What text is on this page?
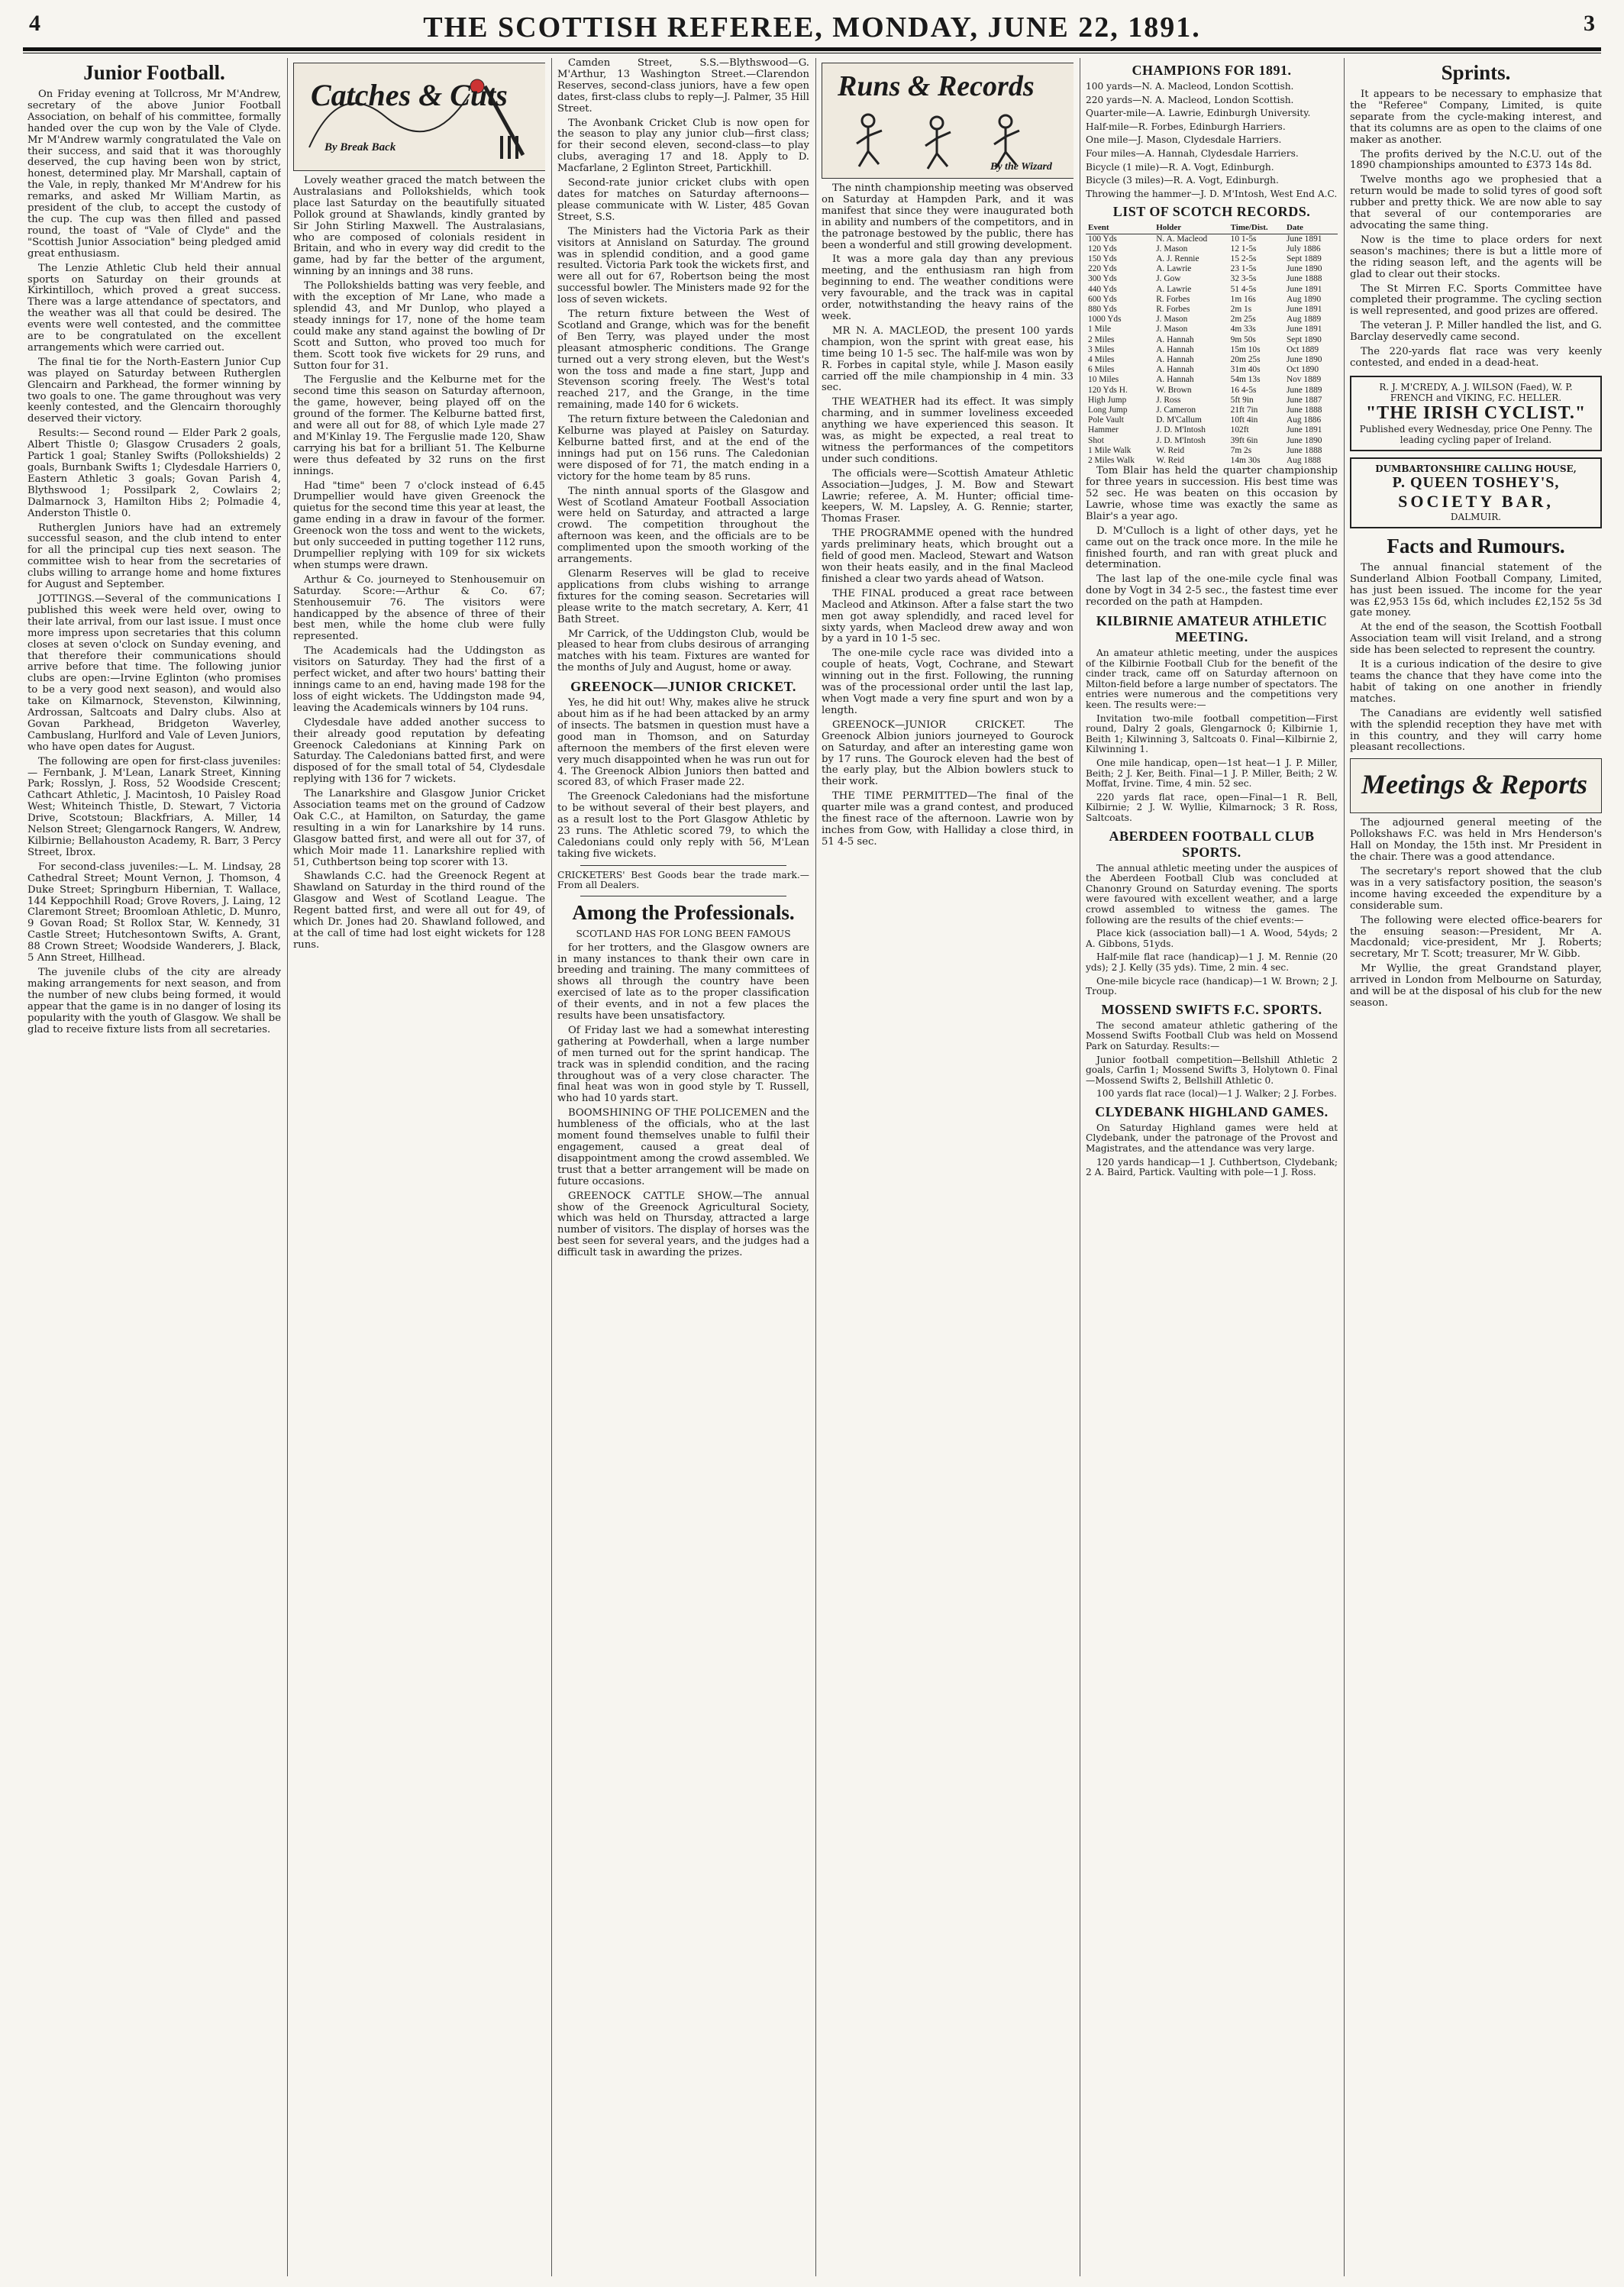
4	THE SCOTTISH REFEREE, MONDAY, JUNE 22, 1891.	3
Junior Football.

On Friday evening at Tollcross, Mr M'Andrew, secretary of the above Junior Football Association, on behalf of his committee, formally handed over the cup won by the Vale of Clyde. Mr M'Andrew warmly congratulated the Vale on their success, and said that it was thoroughly deserved, the cup having been won by strict, honest, determined play. Mr Marshall, captain of the Vale, in reply, thanked Mr M'Andrew for his remarks, and asked Mr William Martin, as president of the club, to accept the custody of the cup. The cup was then filled and passed round, the toast of "Vale of Clyde" and the "Scottish Junior Association" being pledged amid great enthusiasm.

The Lenzie Athletic Club held their annual sports on Saturday on their grounds at Kirkintilloch, which proved a great success. There was a large attendance of spectators, and the weather was all that could be desired. The events were well contested, and the committee are to be congratulated on the excellent arrangements which were carried out.

The final tie for the North-Eastern Junior Cup was played on Saturday between Rutherglen Glencairn and Parkhead, the former winning by two goals to one. The game throughout was very keenly contested, and the Glencairn thoroughly deserved their victory.

Results:— Second round — Elder Park 2 goals, Albert Thistle 0; Glasgow Crusaders 2 goals, Partick 1 goal; Stanley Swifts (Pollokshields) 2 goals, Burnbank Swifts 1; Clydesdale Harriers 0, Eastern Athletic 3 goals; Govan Parish 4, Blythswood 1; Possilpark 2, Cowlairs 2; Dalmarnock 3, Hamilton Hibs 2; Polmadie 4, Anderston Thistle 0.

Rutherglen Juniors have had an extremely successful season, and the club intend to enter for all the principal cup ties next season. The committee wish to hear from the secretaries of clubs willing to arrange home and home fixtures for August and September.

JOTTINGS.—Several of the communications I published this week were held over, owing to their late arrival, from our last issue. I must once more impress upon secretaries that this column closes at seven o'clock on Sunday evening, and that therefore their communications should arrive before that time. The following junior clubs are open:—Irvine Eglinton (who promises to be a very good next season), and would also take on Kilmarnock, Stevenston, Kilwinning, Ardrossan, Saltcoats and Dalry clubs. Also at Govan Parkhead, Bridgeton Waverley, Cambuslang, Hurlford and Vale of Leven Juniors, who have open dates for August.

The following are open for first-class juveniles:— Fernbank, J. M'Lean, Lanark Street, Kinning Park; Rosslyn, J. Ross, 52 Woodside Crescent; Cathcart Athletic, J. Macintosh, 10 Paisley Road West; Whiteinch Thistle, D. Stewart, 7 Victoria Drive, Scotstoun; Blackfriars, A. Miller, 14 Nelson Street; Glengarnock Rangers, W. Andrew, Kilbirnie; Bellahouston Academy, R. Barr, 3 Percy Street, Ibrox.

For second-class juveniles:—L. M. Lindsay, 28 Cathedral Street; Mount Vernon, J. Thomson, 4 Duke Street; Springburn Hibernian, T. Wallace, 144 Keppochhill Road; Grove Rovers, J. Laing, 12 Claremont Street; Broomloan Athletic, D. Munro, 9 Govan Road; St Rollox Star, W. Kennedy, 31 Castle Street; Hutchesontown Swifts, A. Grant, 88 Crown Street; Woodside Wanderers, J. Black, 5 Ann Street, Hillhead.

The juvenile clubs of the city are already making arrangements for next season, and from the number of new clubs being formed, it would appear that the game is in no danger of losing its popularity with the youth of Glasgow. We shall be glad to receive fixture lists from all secretaries.

Catches & Cuts
By Break Back

Lovely weather graced the match between the Australasians and Pollokshields, which took place last Saturday on the beautifully situated Pollok ground at Shawlands, kindly granted by Sir John Stirling Maxwell. The Australasians, who are composed of colonials resident in Britain, and who in every way did credit to the game, had by far the better of the argument, winning by an innings and 38 runs.

The Pollokshields batting was very feeble, and with the exception of Mr Lane, who made a splendid 43, and Mr Dunlop, who played a steady innings for 17, none of the home team could make any stand against the bowling of Dr Scott and Sutton, who proved too much for them. Scott took five wickets for 29 runs, and Sutton four for 31.

The Ferguslie and the Kelburne met for the second time this season on Saturday afternoon, the game, however, being played off on the ground of the former. The Kelburne batted first, and were all out for 88, of which Lyle made 27 and M'Kinlay 19. The Ferguslie made 120, Shaw carrying his bat for a brilliant 51. The Kelburne were thus defeated by 32 runs on the first innings.

Had "time" been 7 o'clock instead of 6.45 Drumpellier would have given Greenock the quietus for the second time this year at least, the game ending in a draw in favour of the former. Greenock won the toss and went to the wickets, but only succeeded in putting together 112 runs, Drumpellier replying with 109 for six wickets when stumps were drawn.

Arthur & Co. journeyed to Stenhousemuir on Saturday. Score:—Arthur & Co. 67; Stenhousemuir 76. The visitors were handicapped by the absence of three of their best men, while the home club were fully represented.

The Academicals had the Uddingston as visitors on Saturday. They had the first of a perfect wicket, and after two hours' batting their innings came to an end, having made 198 for the loss of eight wickets. The Uddingston made 94, leaving the Academicals winners by 104 runs.

Clydesdale have added another success to their already good reputation by defeating Greenock Caledonians at Kinning Park on Saturday. The Caledonians batted first, and were disposed of for the small total of 54, Clydesdale replying with 136 for 7 wickets.

The Lanarkshire and Glasgow Junior Cricket Association teams met on the ground of Cadzow Oak C.C., at Hamilton, on Saturday, the game resulting in a win for Lanarkshire by 14 runs. Glasgow batted first, and were all out for 37, of which Moir made 11. Lanarkshire replied with 51, Cuthbertson being top scorer with 13.

Shawlands C.C. had the Greenock Regent at Shawland on Saturday in the third round of the Glasgow and West of Scotland League. The Regent batted first, and were all out for 49, of which Dr. Jones had 20. Shawland followed, and at the call of time had lost eight wickets for 128 runs.

Camden Street, S.S.—Blythswood—G. M'Arthur, 13 Washington Street.—Clarendon Reserves, second-class juniors, have a few open dates, first-class clubs to reply—J. Palmer, 35 Hill Street.

The Avonbank Cricket Club is now open for the season to play any junior club—first class; for their second eleven, second-class—to play clubs, averaging 17 and 18. Apply to D. Macfarlane, 2 Eglinton Street, Partickhill.

Second-rate junior cricket clubs with open dates for matches on Saturday afternoons—please communicate with W. Lister, 485 Govan Street, S.S.

The Ministers had the Victoria Park as their visitors at Annisland on Saturday. The ground was in splendid condition, and a good game resulted. Victoria Park took the wickets first, and were all out for 67, Robertson being the most successful bowler. The Ministers made 92 for the loss of seven wickets.

The return fixture between the West of Scotland and Grange, which was for the benefit of Ben Terry, was played under the most pleasant atmospheric conditions. The Grange turned out a very strong eleven, but the West's won the toss and made a fine start, Jupp and Stevenson scoring freely. The West's total reached 217, and the Grange, in the time remaining, made 140 for 6 wickets.

The return fixture between the Caledonian and Kelburne was played at Paisley on Saturday. Kelburne batted first, and at the end of the innings had put on 156 runs. The Caledonian were disposed of for 71, the match ending in a victory for the home team by 85 runs.

The ninth annual sports of the Glasgow and West of Scotland Amateur Football Association were held on Saturday, and attracted a large crowd. The competition throughout the afternoon was keen, and the officials are to be complimented upon the smooth working of the arrangements.

Glenarm Reserves will be glad to receive applications from clubs wishing to arrange fixtures for the coming season. Secretaries will please write to the match secretary, A. Kerr, 41 Bath Street.

Mr Carrick, of the Uddingston Club, would be pleased to hear from clubs desirous of arranging matches with his team. Fixtures are wanted for the months of July and August, home or away.

GREENOCK—JUNIOR CRICKET.

Yes, he did hit out! Why, makes alive he struck about him as if he had been attacked by an army of insects. The batsmen in question must have a good man in Thomson, and on Saturday afternoon the members of the first eleven were very much disappointed when he was run out for 4. The Greenock Albion Juniors then batted and scored 83, of which Fraser made 22.

The Greenock Caledonians had the misfortune to be without several of their best players, and as a result lost to the Port Glasgow Athletic by 23 runs. The Athletic scored 79, to which the Caledonians could only reply with 56, M'Lean taking five wickets.

CRICKETERS' Best Goods bear the trade mark.—From all Dealers.

Among the Professionals.

SCOTLAND HAS FOR LONG BEEN FAMOUS

for her trotters, and the Glasgow owners are in many instances to thank their own care in breeding and training. The many committees of shows all through the country have been exercised of late as to the proper classification of their events, and in not a few places the results have been unsatisfactory.

Of Friday last we had a somewhat interesting gathering at Powderhall, when a large number of men turned out for the sprint handicap. The track was in splendid condition, and the racing throughout was of a very close character. The final heat was won in good style by T. Russell, who had 10 yards start.

BOOMSHINING OF THE POLICEMEN and the humbleness of the officials, who at the last moment found themselves unable to fulfil their engagement, caused a great deal of disappointment among the crowd assembled. We trust that a better arrangement will be made on future occasions.

GREENOCK CATTLE SHOW.—The annual show of the Greenock Agricultural Society, which was held on Thursday, attracted a large number of visitors. The display of horses was the best seen for several years, and the judges had a difficult task in awarding the prizes.

Runs & Records
By the Wizard

The ninth championship meeting was observed on Saturday at Hampden Park, and it was manifest that since they were inaugurated both in ability and numbers of the competitors, and in the patronage bestowed by the public, there has been a wonderful and still growing development.

It was a more gala day than any previous meeting, and the enthusiasm ran high from beginning to end. The weather conditions were very favourable, and the track was in capital order, notwithstanding the heavy rains of the week.

MR N. A. MACLEOD, the present 100 yards champion, won the sprint with great ease, his time being 10 1-5 sec. The half-mile was won by R. Forbes in capital style, while J. Mason easily carried off the mile championship in 4 min. 33 sec.

THE WEATHER had its effect. It was simply charming, and in summer loveliness exceeded anything we have experienced this season. It was, as might be expected, a real treat to witness the performances of the competitors under such conditions.

The officials were—Scottish Amateur Athletic Association—Judges, J. M. Bow and Stewart Lawrie; referee, A. M. Hunter; official time-keepers, W. M. Lapsley, A. G. Rennie; starter, Thomas Fraser.

THE PROGRAMME opened with the hundred yards preliminary heats, which brought out a field of good men. Macleod, Stewart and Watson won their heats easily, and in the final Macleod finished a clear two yards ahead of Watson.

THE FINAL produced a great race between Macleod and Atkinson. After a false start the two men got away splendidly, and raced level for sixty yards, when Macleod drew away and won by a yard in 10 1-5 sec.

The one-mile cycle race was divided into a couple of heats, Vogt, Cochrane, and Stewart winning out in the first. Following, the running was of the processional order until the last lap, when Vogt made a very fine spurt and won by a length.

GREENOCK—JUNIOR CRICKET. The Greenock Albion juniors journeyed to Gourock on Saturday, and after an interesting game won by 17 runs. The Gourock eleven had the best of the early play, but the Albion bowlers stuck to their work.

THE TIME PERMITTED—The final of the quarter mile was a grand contest, and produced the finest race of the afternoon. Lawrie won by inches from Gow, with Halliday a close third, in 51 4-5 sec.

CHAMPIONS FOR 1891.

100 yards—N. A. Macleod, London Scottish.

220 yards—N. A. Macleod, London Scottish.

Quarter-mile—A. Lawrie, Edinburgh University.

Half-mile—R. Forbes, Edinburgh Harriers.

One mile—J. Mason, Clydesdale Harriers.

Four miles—A. Hannah, Clydesdale Harriers.

Bicycle (1 mile)—R. A. Vogt, Edinburgh.

Bicycle (3 miles)—R. A. Vogt, Edinburgh.

Throwing the hammer—J. D. M'Intosh, West End A.C.

LIST OF SCOTCH RECORDS.
Event	Holder	Time/Dist.	Date
100 Yds	N. A. Macleod	10 1-5s	June 1891
120 Yds	J. Mason	12 1-5s	July 1886
150 Yds	A. J. Rennie	15 2-5s	Sept 1889
220 Yds	A. Lawrie	23 1-5s	June 1890
300 Yds	J. Gow	32 3-5s	June 1888
440 Yds	A. Lawrie	51 4-5s	June 1891
600 Yds	R. Forbes	1m 16s	Aug 1890
880 Yds	R. Forbes	2m 1s	June 1891
1000 Yds	J. Mason	2m 25s	Aug 1889
1 Mile	J. Mason	4m 33s	June 1891
2 Miles	A. Hannah	9m 50s	Sept 1890
3 Miles	A. Hannah	15m 10s	Oct 1889
4 Miles	A. Hannah	20m 25s	June 1890
6 Miles	A. Hannah	31m 40s	Oct 1890
10 Miles	A. Hannah	54m 13s	Nov 1889
120 Yds H.	W. Brown	16 4-5s	June 1889
High Jump	J. Ross	5ft 9in	June 1887
Long Jump	J. Cameron	21ft 7in	June 1888
Pole Vault	D. M'Callum	10ft 4in	Aug 1886
Hammer	J. D. M'Intosh	102ft	June 1891
Shot	J. D. M'Intosh	39ft 6in	June 1890
1 Mile Walk	W. Reid	7m 2s	June 1888
2 Miles Walk	W. Reid	14m 30s	Aug 1888

Tom Blair has held the quarter championship for three years in succession. His best time was 52 sec. He was beaten on this occasion by Lawrie, whose time was exactly the same as Blair's a year ago.

D. M'Culloch is a light of other days, yet he came out on the track once more. In the mile he finished fourth, and ran with great pluck and determination.

The last lap of the one-mile cycle final was done by Vogt in 34 2-5 sec., the fastest time ever recorded on the path at Hampden.

KILBIRNIE AMATEUR ATHLETIC MEETING.

An amateur athletic meeting, under the auspices of the Kilbirnie Football Club for the benefit of the cinder track, came off on Saturday afternoon on Milton-field before a large number of spectators. The entries were numerous and the competitions very keen. The results were:—

Invitation two-mile football competition—First round, Dalry 2 goals, Glengarnock 0; Kilbirnie 1, Beith 1; Kilwinning 3, Saltcoats 0. Final—Kilbirnie 2, Kilwinning 1.

One mile handicap, open—1st heat—1 J. P. Miller, Beith; 2 J. Ker, Beith. Final—1 J. P. Miller, Beith; 2 W. Moffat, Irvine. Time, 4 min. 52 sec.

220 yards flat race, open—Final—1 R. Bell, Kilbirnie; 2 J. W. Wyllie, Kilmarnock; 3 R. Ross, Saltcoats.

ABERDEEN FOOTBALL CLUB SPORTS.

The annual athletic meeting under the auspices of the Aberdeen Football Club was concluded at Chanonry Ground on Saturday evening. The sports were favoured with excellent weather, and a large crowd assembled to witness the games. The following are the results of the chief events:—

Place kick (association ball)—1 A. Wood, 54yds; 2 A. Gibbons, 51yds.

Half-mile flat race (handicap)—1 J. M. Rennie (20 yds); 2 J. Kelly (35 yds). Time, 2 min. 4 sec.

One-mile bicycle race (handicap)—1 W. Brown; 2 J. Troup.

MOSSEND SWIFTS F.C. SPORTS.

The second amateur athletic gathering of the Mossend Swifts Football Club was held on Mossend Park on Saturday. Results:—

Junior football competition—Bellshill Athletic 2 goals, Carfin 1; Mossend Swifts 3, Holytown 0. Final—Mossend Swifts 2, Bellshill Athletic 0.

100 yards flat race (local)—1 J. Walker; 2 J. Forbes.

CLYDEBANK HIGHLAND GAMES.

On Saturday Highland games were held at Clydebank, under the patronage of the Provost and Magistrates, and the attendance was very large.

120 yards handicap—1 J. Cuthbertson, Clydebank; 2 A. Baird, Partick. Vaulting with pole—1 J. Ross.

Sprints.

It appears to be necessary to emphasize that the "Referee" Company, Limited, is quite separate from the cycle-making interest, and that its columns are as open to the claims of one maker as another.

The profits derived by the N.C.U. out of the 1890 championships amounted to £373 14s 8d.

Twelve months ago we prophesied that a return would be made to solid tyres of good soft rubber and pretty thick. We are now able to say that several of our contemporaries are advocating the same thing.

Now is the time to place orders for next season's machines; there is but a little more of the riding season left, and the agents will be glad to clear out their stocks.

The St Mirren F.C. Sports Committee have completed their programme. The cycling section is well represented, and good prizes are offered.

The veteran J. P. Miller handled the list, and G. Barclay deservedly came second.

The 220-yards flat race was very keenly contested, and ended in a dead-heat.

R. J. M'CREDY, A. J. WILSON (Faed), W. P. FRENCH and VIKING, F.C. HELLER.
"THE IRISH CYCLIST."
Published every Wednesday, price One Penny. The leading cycling paper of Ireland.
DUMBARTONSHIRE CALLING HOUSE,
P. QUEEN TOSHEY'S,
SOCIETY BAR,
DALMUIR.
Facts and Rumours.

The annual financial statement of the Sunderland Albion Football Company, Limited, has just been issued. The income for the year was £2,953 15s 6d, which includes £2,152 5s 3d gate money.

At the end of the season, the Scottish Football Association team will visit Ireland, and a strong side has been selected to represent the country.

It is a curious indication of the desire to give teams the chance that they have come into the habit of taking on one another in friendly matches.

The Canadians are evidently well satisfied with the splendid reception they have met with in this country, and they will carry home pleasant recollections.

Meetings & Reports

The adjourned general meeting of the Pollokshaws F.C. was held in Mrs Henderson's Hall on Monday, the 15th inst. Mr President in the chair. There was a good attendance.

The secretary's report showed that the club was in a very satisfactory position, the season's income having exceeded the expenditure by a considerable sum.

The following were elected office-bearers for the ensuing season:—President, Mr A. Macdonald; vice-president, Mr J. Roberts; secretary, Mr T. Scott; treasurer, Mr W. Gibb.

Mr Wyllie, the great Grandstand player, arrived in London from Melbourne on Saturday, and will be at the disposal of his club for the new season.
